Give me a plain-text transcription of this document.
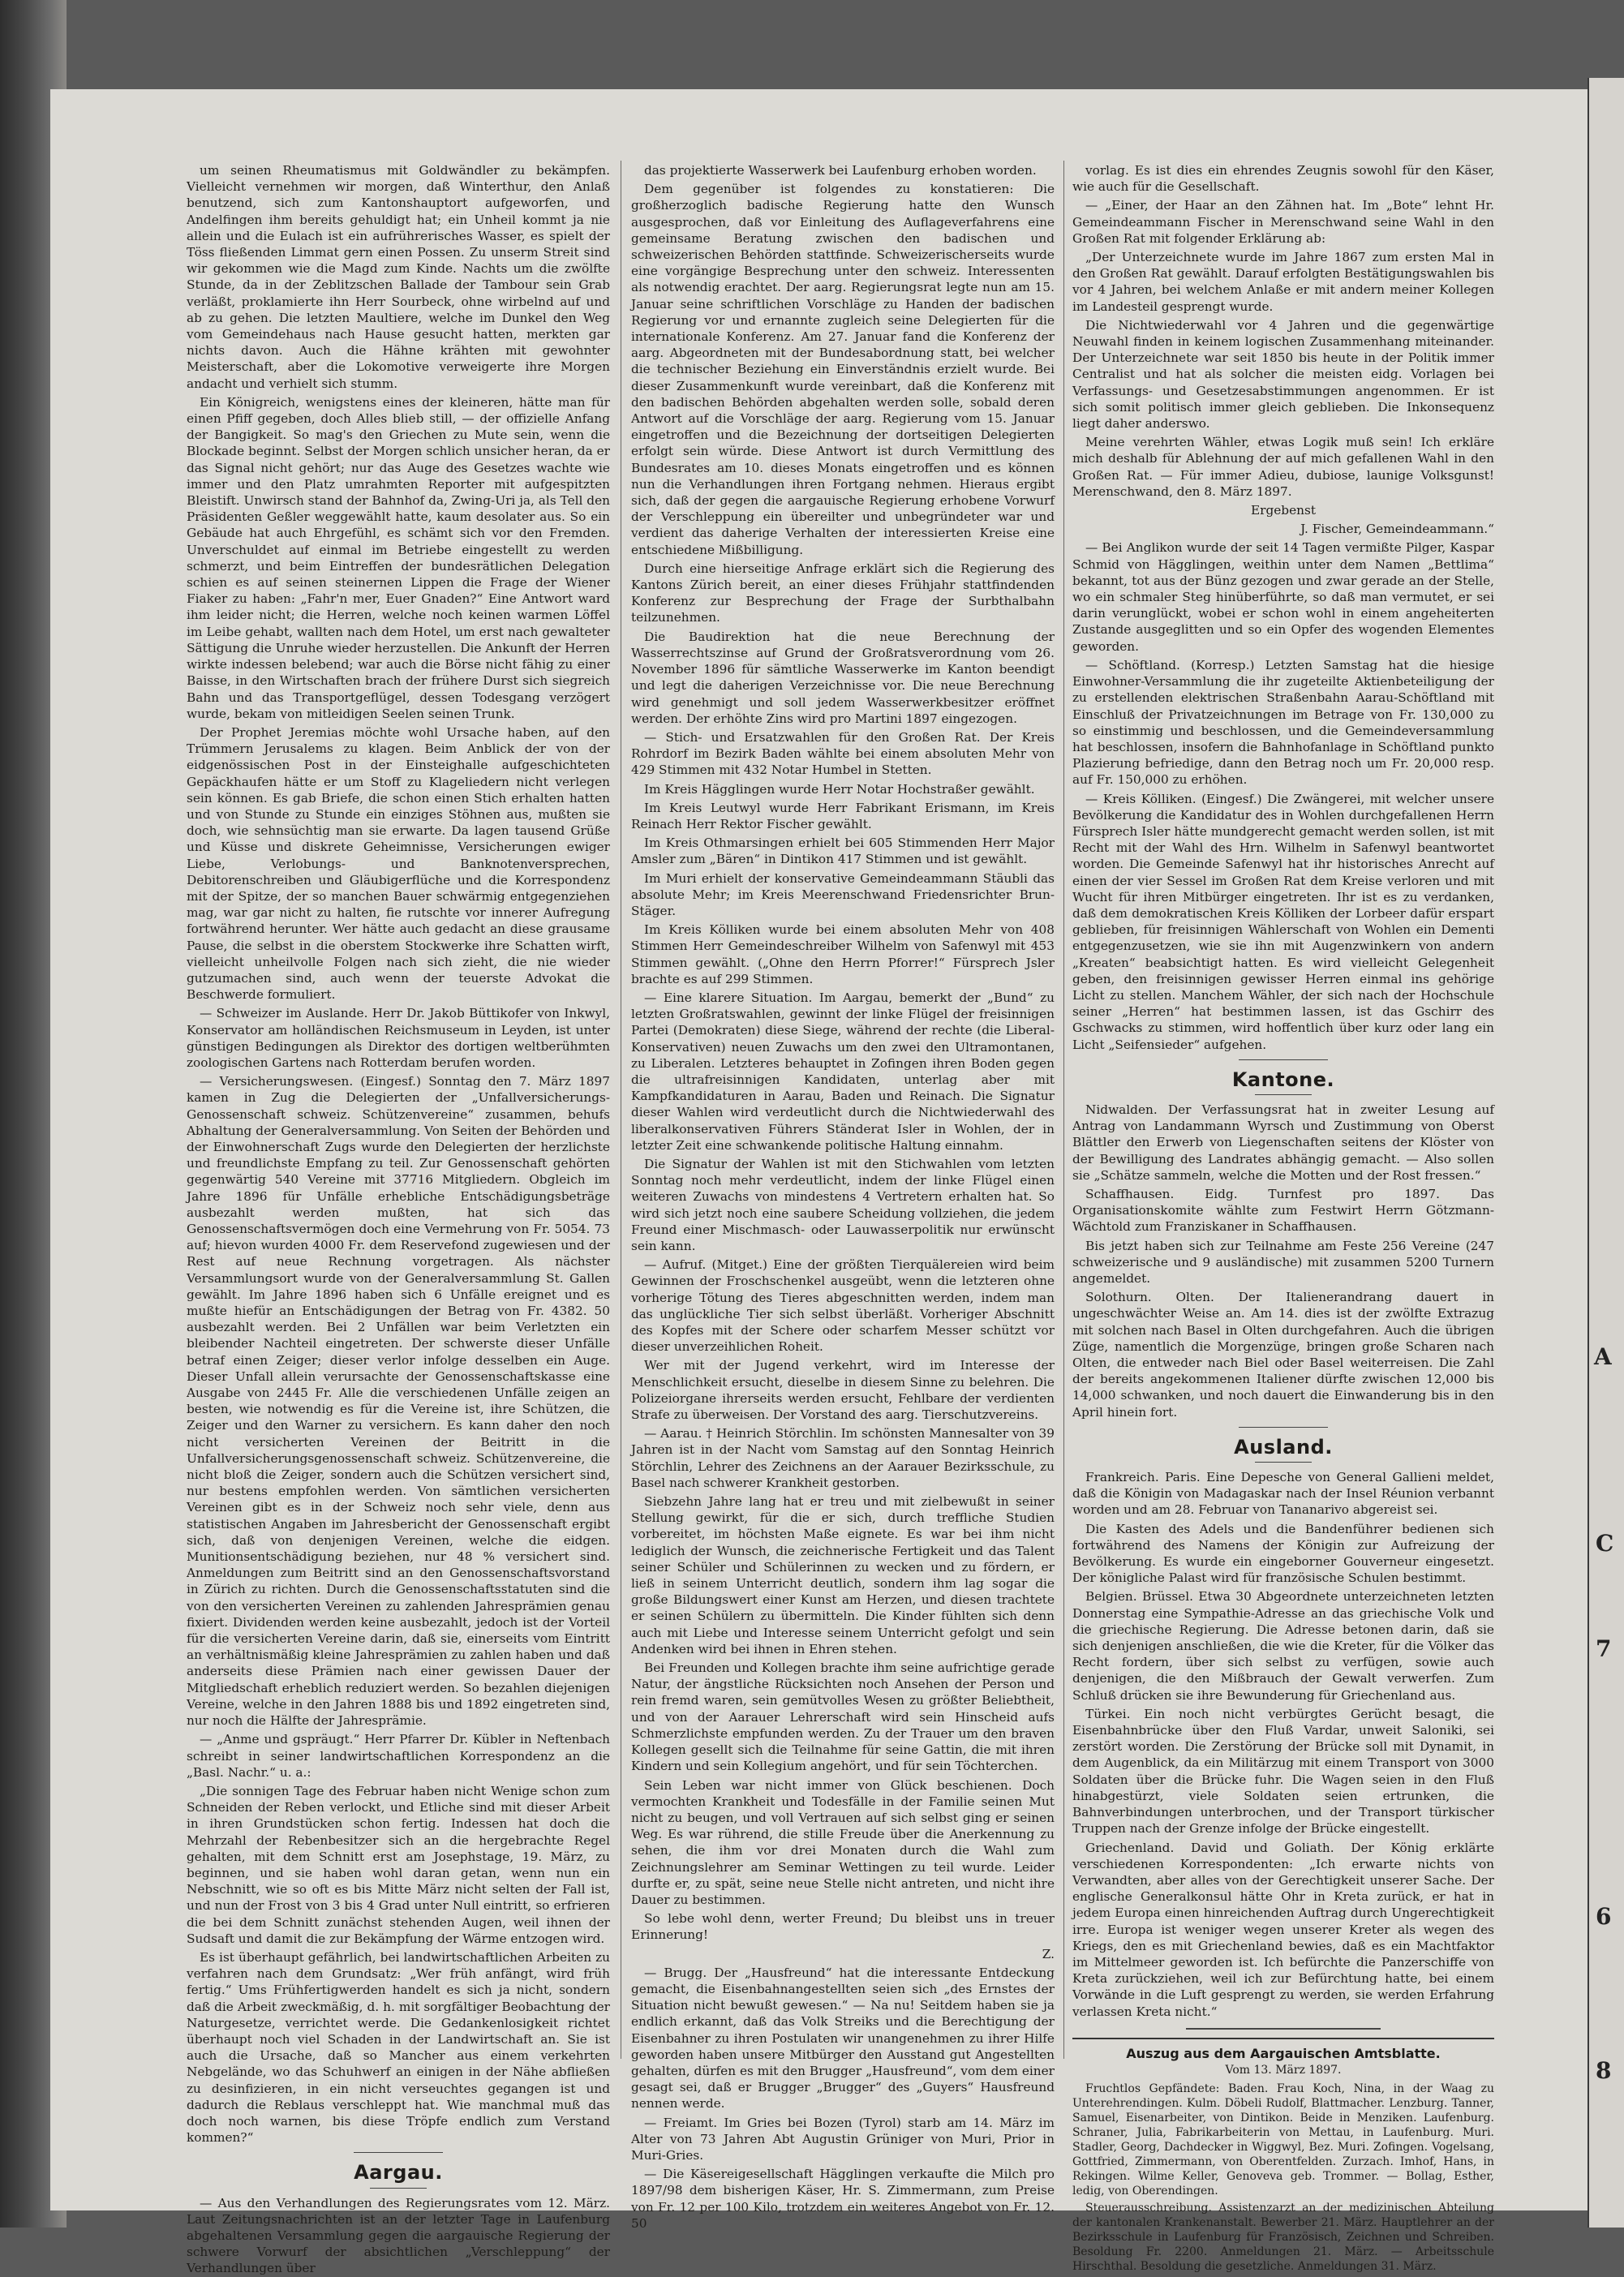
A
C
7
6
8

um seinen Rheumatismus mit Goldwändler zu bekämpfen. Vielleicht vernehmen wir morgen, daß Winterthur, den Anlaß benutzend, sich zum Kantonshauptort aufgeworfen, und Andelfingen ihm bereits gehuldigt hat; ein Unheil kommt ja nie allein und die Eulach ist ein aufrührerisches Wasser, es spielt der Töss fließenden Limmat gern einen Possen. Zu unserm Streit sind wir gekommen wie die Magd zum Kinde. Nachts um die zwölfte Stunde, da in der Zeblitzschen Ballade der Tambour sein Grab verläßt, proklamierte ihn Herr Sourbeck, ohne wirbelnd auf und ab zu gehen. Die letzten Maultiere, welche im Dunkel den Weg vom Gemeindehaus nach Hause gesucht hatten, merkten gar nichts davon. Auch die Hähne krähten mit gewohnter Meisterschaft, aber die Lokomotive verweigerte ihre Morgen andacht und verhielt sich stumm.

Ein Königreich, wenigstens eines der kleineren, hätte man für einen Pfiff gegeben, doch Alles blieb still, — der offizielle Anfang der Bangigkeit. So mag's den Griechen zu Mute sein, wenn die Blockade beginnt. Selbst der Morgen schlich unsicher heran, da er das Signal nicht gehört; nur das Auge des Gesetzes wachte wie immer und den Platz umrahmten Reporter mit aufgespitzten Bleistift. Unwirsch stand der Bahnhof da, Zwing-Uri ja, als Tell den Präsidenten Geßler weggewählt hatte, kaum desolater aus. So ein Gebäude hat auch Ehrgefühl, es schämt sich vor den Fremden. Unverschuldet auf einmal im Betriebe eingestellt zu werden schmerzt, und beim Eintreffen der bundesrätlichen Delegation schien es auf seinen steinernen Lippen die Frage der Wiener Fiaker zu haben: „Fahr'n mer, Euer Gnaden?“ Eine Antwort ward ihm leider nicht; die Herren, welche noch keinen warmen Löffel im Leibe gehabt, wallten nach dem Hotel, um erst nach gewalteter Sättigung die Unruhe wieder herzustellen. Die Ankunft der Herren wirkte indessen belebend; war auch die Börse nicht fähig zu einer Baisse, in den Wirtschaften brach der frühere Durst sich siegreich Bahn und das Transportgeflügel, dessen Todesgang verzögert wurde, bekam von mitleidigen Seelen seinen Trunk.

Der Prophet Jeremias möchte wohl Ursache haben, auf den Trümmern Jerusalems zu klagen. Beim Anblick der von der eidgenössischen Post in der Einsteighalle aufgeschichteten Gepäckhaufen hätte er um Stoff zu Klageliedern nicht verlegen sein können. Es gab Briefe, die schon einen Stich erhalten hatten und von Stunde zu Stunde ein einziges Stöhnen aus, mußten sie doch, wie sehnsüchtig man sie erwarte. Da lagen tausend Grüße und Küsse und diskrete Geheimnisse, Versicherungen ewiger Liebe, Verlobungs- und Banknotenversprechen, Debitorenschreiben und Gläubigerflüche und die Korrespondenz mit der Spitze, der so manchen Bauer schwärmig entgegenziehen mag, war gar nicht zu halten, fie rutschte vor innerer Aufregung fortwährend herunter. Wer hätte auch gedacht an diese grausame Pause, die selbst in die oberstem Stockwerke ihre Schatten wirft, vielleicht unheilvolle Folgen nach sich zieht, die nie wieder gutzumachen sind, auch wenn der teuerste Advokat die Beschwerde formuliert.

— Schweizer im Auslande. Herr Dr. Jakob Büttikofer von Inkwyl, Konservator am holländischen Reichsmuseum in Leyden, ist unter günstigen Bedingungen als Direktor des dortigen weltberühmten zoologischen Gartens nach Rotterdam berufen worden.

— Versicherungswesen. (Eingesf.) Sonntag den 7. März 1897 kamen in Zug die Delegierten der „Unfallversicherungs-Genossenschaft schweiz. Schützenvereine“ zusammen, behufs Abhaltung der Generalversammlung. Von Seiten der Behörden und der Einwohnerschaft Zugs wurde den Delegierten der herzlichste und freundlichste Empfang zu teil. Zur Genossenschaft gehörten gegenwärtig 540 Vereine mit 37716 Mitgliedern. Obgleich im Jahre 1896 für Unfälle erhebliche Entschädigungsbeträge ausbezahlt werden mußten, hat sich das Genossenschaftsvermögen doch eine Vermehrung von Fr. 5054. 73 auf; hievon wurden 4000 Fr. dem Reservefond zugewiesen und der Rest auf neue Rechnung vorgetragen. Als nächster Versammlungsort wurde von der Generalversammlung St. Gallen gewählt. Im Jahre 1896 haben sich 6 Unfälle ereignet und es mußte hiefür an Entschädigungen der Betrag von Fr. 4382. 50 ausbezahlt werden. Bei 2 Unfällen war beim Verletzten ein bleibender Nachteil eingetreten. Der schwerste dieser Unfälle betraf einen Zeiger; dieser verlor infolge desselben ein Auge. Dieser Unfall allein verursachte der Genossenschaftskasse eine Ausgabe von 2445 Fr. Alle die verschiedenen Unfälle zeigen an besten, wie notwendig es für die Vereine ist, ihre Schützen, die Zeiger und den Warner zu versichern. Es kann daher den noch nicht versicherten Vereinen der Beitritt in die Unfallversicherungsgenossenschaft schweiz. Schützenvereine, die nicht bloß die Zeiger, sondern auch die Schützen versichert sind, nur bestens empfohlen werden. Von sämtlichen versicherten Vereinen gibt es in der Schweiz noch sehr viele, denn aus statistischen Angaben im Jahresbericht der Genossenschaft ergibt sich, daß von denjenigen Vereinen, welche die eidgen. Munitionsentschädigung beziehen, nur 48 % versichert sind. Anmeldungen zum Beitritt sind an den Genossenschaftsvorstand in Zürich zu richten. Durch die Genossenschaftsstatuten sind die von den versicherten Vereinen zu zahlenden Jahresprämien genau fixiert. Dividenden werden keine ausbezahlt, jedoch ist der Vorteil für die versicherten Vereine darin, daß sie, einerseits vom Eintritt an verhältnismäßig kleine Jahresprämien zu zahlen haben und daß anderseits diese Prämien nach einer gewissen Dauer der Mitgliedschaft erheblich reduziert werden. So bezahlen diejenigen Vereine, welche in den Jahren 1888 bis und 1892 eingetreten sind, nur noch die Hälfte der Jahresprämie.

— „Anme und gspräugt.“ Herr Pfarrer Dr. Kübler in Neftenbach schreibt in seiner landwirtschaftlichen Korrespondenz an die „Basl. Nachr.“ u. a.:

„Die sonnigen Tage des Februar haben nicht Wenige schon zum Schneiden der Reben verlockt, und Etliche sind mit dieser Arbeit in ihren Grundstücken schon fertig. Indessen hat doch die Mehrzahl der Rebenbesitzer sich an die hergebrachte Regel gehalten, mit dem Schnitt erst am Josephstage, 19. März, zu beginnen, und sie haben wohl daran getan, wenn nun ein Nebschnitt, wie so oft es bis Mitte März nicht selten der Fall ist, und nun der Frost von 3 bis 4 Grad unter Null eintritt, so erfrieren die bei dem Schnitt zunächst stehenden Augen, weil ihnen der Sudsaft und damit die zur Bekämpfung der Wärme entzogen wird.

Es ist überhaupt gefährlich, bei landwirtschaftlichen Arbeiten zu verfahren nach dem Grundsatz: „Wer früh anfängt, wird früh fertig.“ Ums Frühfertigwerden handelt es sich ja nicht, sondern daß die Arbeit zweckmäßig, d. h. mit sorgfältiger Beobachtung der Naturgesetze, verrichtet werde. Die Gedankenlosigkeit richtet überhaupt noch viel Schaden in der Landwirtschaft an. Sie ist auch die Ursache, daß so Mancher aus einem verkehrten Nebgelände, wo das Schuhwerf an einigen in der Nähe abfließen zu desinfizieren, in ein nicht verseuchtes gegangen ist und dadurch die Reblaus verschleppt hat. Wie manchmal muß das doch noch warnen, bis diese Tröpfe endlich zum Verstand kommen?“

Aargau.

— Aus den Verhandlungen des Regierungsrates vom 12. März. Laut Zeitungsnachrichten ist an der letzter Tage in Laufenburg abgehaltenen Versammlung gegen die aargauische Regierung der schwere Vorwurf der absichtlichen „Verschleppung“ der Verhandlungen über

das projektierte Wasserwerk bei Laufenburg erhoben worden.

Dem gegenüber ist folgendes zu konstatieren: Die großherzoglich badische Regierung hatte den Wunsch ausgesprochen, daß vor Einleitung des Auflageverfahrens eine gemeinsame Beratung zwischen den badischen und schweizerischen Behörden stattfinde. Schweizerischerseits wurde eine vorgängige Besprechung unter den schweiz. Interessenten als notwendig erachtet. Der aarg. Regierungsrat legte nun am 15. Januar seine schriftlichen Vorschläge zu Handen der badischen Regierung vor und ernannte zugleich seine Delegierten für die internationale Konferenz. Am 27. Januar fand die Konferenz der aarg. Abgeordneten mit der Bundesabordnung statt, bei welcher die technischer Beziehung ein Einverständnis erzielt wurde. Bei dieser Zusammenkunft wurde vereinbart, daß die Konferenz mit den badischen Behörden abgehalten werden solle, sobald deren Antwort auf die Vorschläge der aarg. Regierung vom 15. Januar eingetroffen und die Bezeichnung der dortseitigen Delegierten erfolgt sein würde. Diese Antwort ist durch Vermittlung des Bundesrates am 10. dieses Monats eingetroffen und es können nun die Verhandlungen ihren Fortgang nehmen. Hieraus ergibt sich, daß der gegen die aargauische Regierung erhobene Vorwurf der Verschleppung ein übereilter und unbegründeter war und verdient das daherige Verhalten der interessierten Kreise eine entschiedene Mißbilligung.

Durch eine hierseitige Anfrage erklärt sich die Regierung des Kantons Zürich bereit, an einer dieses Frühjahr stattfindenden Konferenz zur Besprechung der Frage der Surbthalbahn teilzunehmen.

Die Baudirektion hat die neue Berechnung der Wasserrechtszinse auf Grund der Großratsverordnung vom 26. November 1896 für sämtliche Wasserwerke im Kanton beendigt und legt die daherigen Verzeichnisse vor. Die neue Berechnung wird genehmigt und soll jedem Wasserwerkbesitzer eröffnet werden. Der erhöhte Zins wird pro Martini 1897 eingezogen.

— Stich- und Ersatzwahlen für den Großen Rat. Der Kreis Rohrdorf im Bezirk Baden wählte bei einem absoluten Mehr von 429 Stimmen mit 432 Notar Humbel in Stetten.

Im Kreis Hägglingen wurde Herr Notar Hochstraßer gewählt.

Im Kreis Leutwyl wurde Herr Fabrikant Erismann, im Kreis Reinach Herr Rektor Fischer gewählt.

Im Kreis Othmarsingen erhielt bei 605 Stimmenden Herr Major Amsler zum „Bären“ in Dintikon 417 Stimmen und ist gewählt.

Im Muri erhielt der konservative Gemeindeammann Stäubli das absolute Mehr; im Kreis Meerenschwand Friedensrichter Brun-Stäger.

Im Kreis Kölliken wurde bei einem absoluten Mehr von 408 Stimmen Herr Gemeindeschreiber Wilhelm von Safenwyl mit 453 Stimmen gewählt. („Ohne den Herrn Pforrer!“ Fürsprech Jsler brachte es auf 299 Stimmen.

— Eine klarere Situation. Im Aargau, bemerkt der „Bund“ zu letzten Großratswahlen, gewinnt der linke Flügel der freisinnigen Partei (Demokraten) diese Siege, während der rechte (die Liberal-Konservativen) neuen Zuwachs um den zwei den Ultramontanen, zu Liberalen. Letzteres behauptet in Zofingen ihren Boden gegen die ultrafreisinnigen Kandidaten, unterlag aber mit Kampfkandidaturen in Aarau, Baden und Reinach. Die Signatur dieser Wahlen wird verdeutlicht durch die Nichtwiederwahl des liberalkonservativen Führers Ständerat Isler in Wohlen, der in letzter Zeit eine schwankende politische Haltung einnahm.

Die Signatur der Wahlen ist mit den Stichwahlen vom letzten Sonntag noch mehr verdeutlicht, indem der linke Flügel einen weiteren Zuwachs von mindestens 4 Vertretern erhalten hat. So wird sich jetzt noch eine saubere Scheidung vollziehen, die jedem Freund einer Mischmasch- oder Lauwasserpolitik nur erwünscht sein kann.

— Aufruf. (Mitget.) Eine der größten Tierquälereien wird beim Gewinnen der Froschschenkel ausgeübt, wenn die letzteren ohne vorherige Tötung des Tieres abgeschnitten werden, indem man das unglückliche Tier sich selbst überläßt. Vorheriger Abschnitt des Kopfes mit der Schere oder scharfem Messer schützt vor dieser unverzeihlichen Roheit.

Wer mit der Jugend verkehrt, wird im Interesse der Menschlichkeit ersucht, dieselbe in diesem Sinne zu belehren. Die Polizeiorgane ihrerseits werden ersucht, Fehlbare der verdienten Strafe zu überweisen. Der Vorstand des aarg. Tierschutzvereins.

— Aarau. † Heinrich Störchlin. Im schönsten Mannesalter von 39 Jahren ist in der Nacht vom Samstag auf den Sonntag Heinrich Störchlin, Lehrer des Zeichnens an der Aarauer Bezirksschule, zu Basel nach schwerer Krankheit gestorben.

Siebzehn Jahre lang hat er treu und mit zielbewußt in seiner Stellung gewirkt, für die er sich, durch treffliche Studien vorbereitet, im höchsten Maße eignete. Es war bei ihm nicht lediglich der Wunsch, die zeichnerische Fertigkeit und das Talent seiner Schüler und Schülerinnen zu wecken und zu fördern, er ließ in seinem Unterricht deutlich, sondern ihm lag sogar die große Bildungswert einer Kunst am Herzen, und diesen trachtete er seinen Schülern zu übermitteln. Die Kinder fühlten sich denn auch mit Liebe und Interesse seinem Unterricht gefolgt und sein Andenken wird bei ihnen in Ehren stehen.

Bei Freunden und Kollegen brachte ihm seine aufrichtige gerade Natur, der ängstliche Rücksichten noch Ansehen der Person und rein fremd waren, sein gemütvolles Wesen zu größter Beliebtheit, und von der Aarauer Lehrerschaft wird sein Hinscheid aufs Schmerzlichste empfunden werden. Zu der Trauer um den braven Kollegen gesellt sich die Teilnahme für seine Gattin, die mit ihren Kindern und sein Kollegium angehört, und für sein Töchterchen.

Sein Leben war nicht immer von Glück beschienen. Doch vermochten Krankheit und Todesfälle in der Familie seinen Mut nicht zu beugen, und voll Vertrauen auf sich selbst ging er seinen Weg. Es war rührend, die stille Freude über die Anerkennung zu sehen, die ihm vor drei Monaten durch die Wahl zum Zeichnungslehrer am Seminar Wettingen zu teil wurde. Leider durfte er, zu spät, seine neue Stelle nicht antreten, und nicht ihre Dauer zu bestimmen.

So lebe wohl denn, werter Freund; Du bleibst uns in treuer Erinnerung!

Z.

— Brugg. Der „Hausfreund“ hat die interessante Entdeckung gemacht, die Eisenbahnangestellten seien sich „des Ernstes der Situation nicht bewußt gewesen.“ — Na nu! Seitdem haben sie ja endlich erkannt, daß das Volk Streiks und die Berechtigung der Eisenbahner zu ihren Postulaten wir unangenehmen zu ihrer Hilfe geworden haben unsere Mitbürger den Ausstand gut Angestellten gehalten, dürfen es mit den Brugger „Hausfreund“, vom dem einer gesagt sei, daß er Brugger „Brugger“ des „Guyers“ Hausfreund nennen werde.

— Freiamt. Im Gries bei Bozen (Tyrol) starb am 14. März im Alter von 73 Jahren Abt Augustin Grüniger von Muri, Prior in Muri-Gries.

— Die Käsereigesellschaft Hägglingen verkaufte die Milch pro 1897/98 dem bisherigen Käser, Hr. S. Zimmermann, zum Preise von Fr. 12 per 100 Kilo, trotzdem ein weiteres Angebot von Fr. 12. 50

vorlag. Es ist dies ein ehrendes Zeugnis sowohl für den Käser, wie auch für die Gesellschaft.

— „Einer, der Haar an den Zähnen hat. Im „Bote“ lehnt Hr. Gemeindeammann Fischer in Merenschwand seine Wahl in den Großen Rat mit folgender Erklärung ab:

„Der Unterzeichnete wurde im Jahre 1867 zum ersten Mal in den Großen Rat gewählt. Darauf erfolgten Bestätigungswahlen bis vor 4 Jahren, bei welchem Anlaße er mit andern meiner Kollegen im Landesteil gesprengt wurde.

Die Nichtwiederwahl vor 4 Jahren und die gegenwärtige Neuwahl finden in keinem logischen Zusammenhang miteinander. Der Unterzeichnete war seit 1850 bis heute in der Politik immer Centralist und hat als solcher die meisten eidg. Vorlagen bei Verfassungs- und Gesetzesabstimmungen angenommen. Er ist sich somit politisch immer gleich geblieben. Die Inkonsequenz liegt daher anderswo.

Meine verehrten Wähler, etwas Logik muß sein! Ich erkläre mich deshalb für Ablehnung der auf mich gefallenen Wahl in den Großen Rat. — Für immer Adieu, dubiose, launige Volksgunst! Merenschwand, den 8. März 1897.

Ergebenst

J. Fischer, Gemeindeammann.“

— Bei Anglikon wurde der seit 14 Tagen vermißte Pilger, Kaspar Schmid von Hägglingen, weithin unter dem Namen „Bettlima“ bekannt, tot aus der Bünz gezogen und zwar gerade an der Stelle, wo ein schmaler Steg hinüberführte, so daß man vermutet, er sei darin verunglückt, wobei er schon wohl in einem angeheiterten Zustande ausgeglitten und so ein Opfer des wogenden Elementes geworden.

— Schöftland. (Korresp.) Letzten Samstag hat die hiesige Einwohner-Versammlung die ihr zugeteilte Aktienbeteiligung der zu erstellenden elektrischen Straßenbahn Aarau-Schöftland mit Einschluß der Privatzeichnungen im Betrage von Fr. 130,000 zu so einstimmig und beschlossen, und die Gemeindeversammlung hat beschlossen, insofern die Bahnhofanlage in Schöftland punkto Plazierung befriedige, dann den Betrag noch um Fr. 20,000 resp. auf Fr. 150,000 zu erhöhen.

— Kreis Kölliken. (Eingesf.) Die Zwängerei, mit welcher unsere Bevölkerung die Kandidatur des in Wohlen durchgefallenen Herrn Fürsprech Isler hätte mundgerecht gemacht werden sollen, ist mit Recht mit der Wahl des Hrn. Wilhelm in Safenwyl beantwortet worden. Die Gemeinde Safenwyl hat ihr historisches Anrecht auf einen der vier Sessel im Großen Rat dem Kreise verloren und mit Wucht für ihren Mitbürger eingetreten. Ihr ist es zu verdanken, daß dem demokratischen Kreis Kölliken der Lorbeer dafür erspart geblieben, für freisinnigen Wählerschaft von Wohlen ein Dementi entgegenzusetzen, wie sie ihn mit Augenzwinkern von andern „Kreaten“ beabsichtigt hatten. Es wird vielleicht Gelegenheit geben, den freisinnigen gewisser Herren einmal ins gehörige Licht zu stellen. Manchem Wähler, der sich nach der Hochschule seiner „Herren“ hat bestimmen lassen, ist das Gschirr des Gschwacks zu stimmen, wird hoffentlich über kurz oder lang ein Licht „Seifensieder“ aufgehen.

Kantone.

Nidwalden. Der Verfassungsrat hat in zweiter Lesung auf Antrag von Landammann Wyrsch und Zustimmung von Oberst Blättler den Erwerb von Liegenschaften seitens der Klöster von der Bewilligung des Landrates abhängig gemacht. — Also sollen sie „Schätze sammeln, welche die Motten und der Rost fressen.“

Schaffhausen. Eidg. Turnfest pro 1897. Das Organisationskomite wählte zum Festwirt Herrn Götzmann-Wächtold zum Franziskaner in Schaffhausen.

Bis jetzt haben sich zur Teilnahme am Feste 256 Vereine (247 schweizerische und 9 ausländische) mit zusammen 5200 Turnern angemeldet.

Solothurn. Olten. Der Italienerandrang dauert in ungeschwächter Weise an. Am 14. dies ist der zwölfte Extrazug mit solchen nach Basel in Olten durchgefahren. Auch die übrigen Züge, namentlich die Morgenzüge, bringen große Scharen nach Olten, die entweder nach Biel oder Basel weiterreisen. Die Zahl der bereits angekommenen Italiener dürfte zwischen 12,000 bis 14,000 schwanken, und noch dauert die Einwanderung bis in den April hinein fort.

Ausland.

Frankreich. Paris. Eine Depesche von General Gallieni meldet, daß die Königin von Madagaskar nach der Insel Réunion verbannt worden und am 28. Februar von Tananarivo abgereist sei.

Die Kasten des Adels und die Bandenführer bedienen sich fortwährend des Namens der Königin zur Aufreizung der Bevölkerung. Es wurde ein eingeborner Gouverneur eingesetzt. Der königliche Palast wird für französische Schulen bestimmt.

Belgien. Brüssel. Etwa 30 Abgeordnete unterzeichneten letzten Donnerstag eine Sympathie-Adresse an das griechische Volk und die griechische Regierung. Die Adresse betonen darin, daß sie sich denjenigen anschließen, die wie die Kreter, für die Völker das Recht fordern, über sich selbst zu verfügen, sowie auch denjenigen, die den Mißbrauch der Gewalt verwerfen. Zum Schluß drücken sie ihre Bewunderung für Griechenland aus.

Türkei. Ein noch nicht verbürgtes Gerücht besagt, die Eisenbahnbrücke über den Fluß Vardar, unweit Saloniki, sei zerstört worden. Die Zerstörung der Brücke soll mit Dynamit, in dem Augenblick, da ein Militärzug mit einem Transport von 3000 Soldaten über die Brücke fuhr. Die Wagen seien in den Fluß hinabgestürzt, viele Soldaten seien ertrunken, die Bahnverbindungen unterbrochen, und der Transport türkischer Truppen nach der Grenze infolge der Brücke eingestellt.

Griechenland. David und Goliath. Der König erklärte verschiedenen Korrespondenten: „Ich erwarte nichts von Verwandten, aber alles von der Gerechtigkeit unserer Sache. Der englische Generalkonsul hätte Ohr in Kreta zurück, er hat in jedem Europa einen hinreichenden Auftrag durch Ungerechtigkeit irre. Europa ist weniger wegen unserer Kreter als wegen des Kriegs, den es mit Griechenland bewies, daß es ein Machtfaktor im Mittelmeer geworden ist. Ich befürchte die Panzerschiffe von Kreta zurückziehen, weil ich zur Befürchtung hatte, bei einem Vorwände in die Luft gesprengt zu werden, sie werden Erfahrung verlassen Kreta nicht.“

Auszug aus dem Aargauischen Amtsblatte.
Vom 13. März 1897.

Fruchtlos Gepfändete: Baden. Frau Koch, Nina, in der Waag zu Unterehrendingen. Kulm. Döbeli Rudolf, Blattmacher. Lenzburg. Tanner, Samuel, Eisenarbeiter, von Dintikon. Beide in Menziken. Laufenburg. Schraner, Julia, Fabrikarbeiterin von Mettau, in Laufenburg. Muri. Stadler, Georg, Dachdecker in Wiggwyl, Bez. Muri. Zofingen. Vogelsang, Gottfried, Zimmermann, von Oberentfelden. Zurzach. Imhof, Hans, in Rekingen. Wilme Keller, Genoveva geb. Trommer. — Bollag, Esther, ledig, von Oberendingen.

Steuerausschreibung. Assistenzarzt an der medizinischen Abteilung der kantonalen Krankenanstalt. Bewerber 21. März. Hauptlehrer an der Bezirksschule in Laufenburg für Französisch, Zeichnen und Schreiben. Besoldung Fr. 2200. Anmeldungen 21. März. — Arbeitsschule Hirschthal. Besoldung die gesetzliche. Anmeldungen 31. März.
